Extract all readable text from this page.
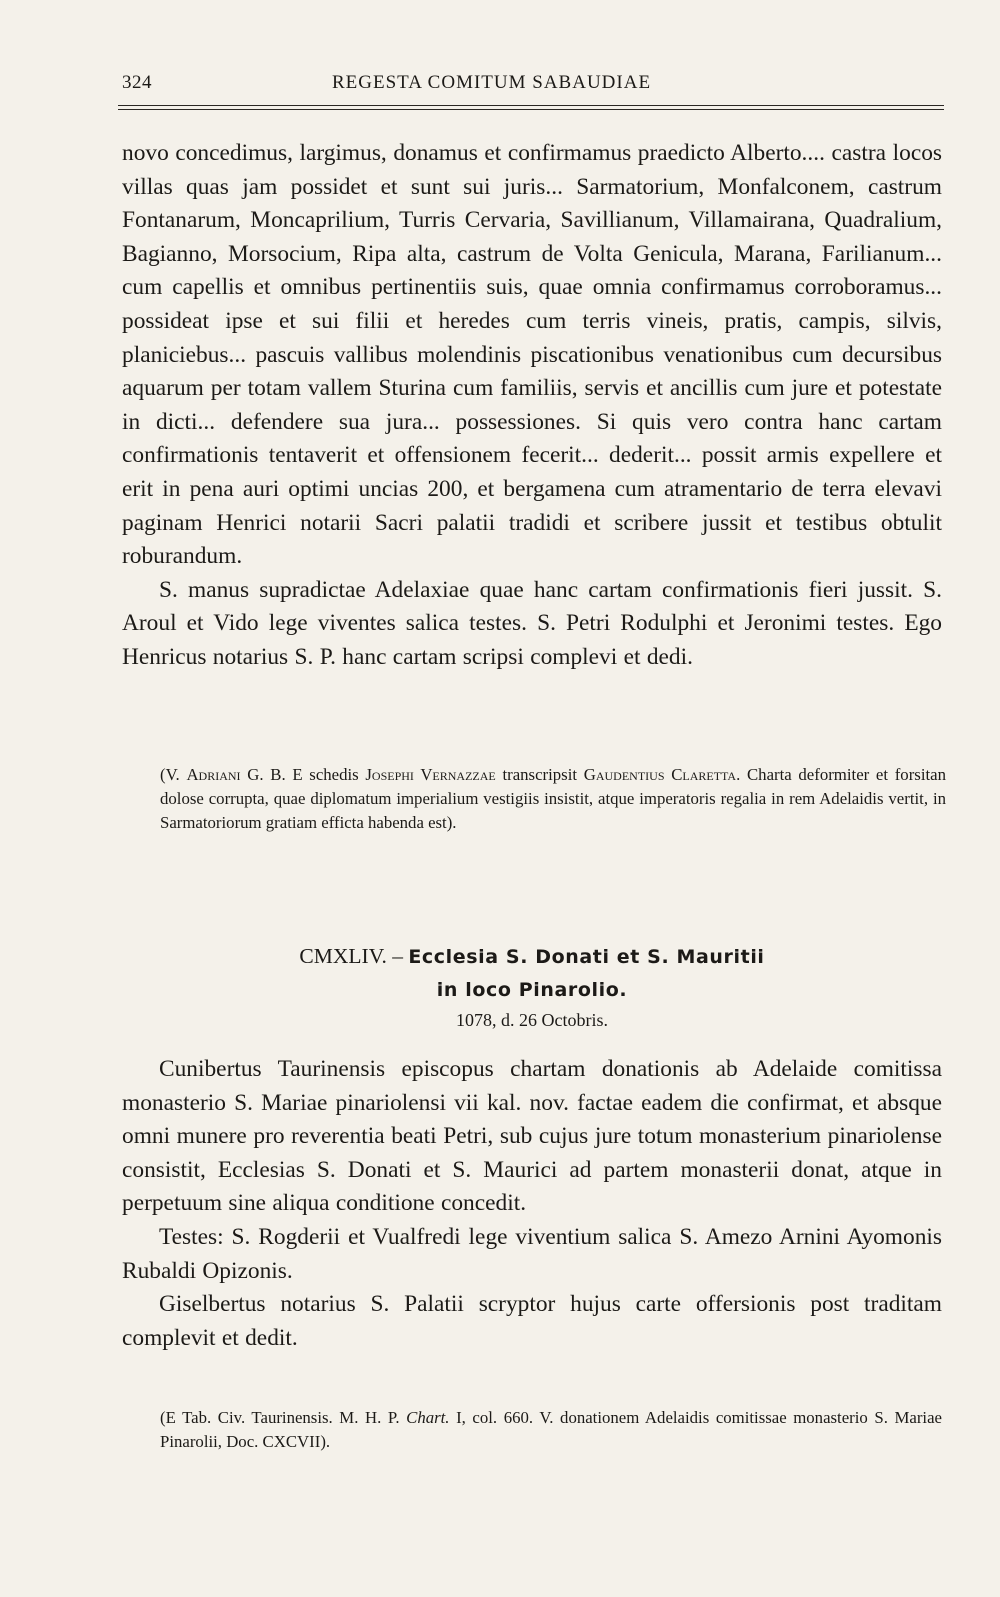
324	REGESTA COMITUM SABAUDIAE

novo concedimus, largimus, donamus et confirmamus praedicto Alberto.... castra locos villas quas jam possidet et sunt sui juris... Sarmatorium, Monfalconem, castrum Fontanarum, Moncaprilium, Turris Cervaria, Savillianum, Villamairana, Quadralium, Bagianno, Morsocium, Ripa alta, castrum de Volta Genicula, Marana, Farilianum... cum capellis et omnibus pertinentiis suis, quae omnia confirmamus corroboramus... possideat ipse et sui filii et heredes cum terris vineis, pratis, campis, silvis, planiciebus... pascuis vallibus molendinis piscationibus venationibus cum decursibus aquarum per totam vallem Sturina cum familiis, servis et ancillis cum jure et potestate in dicti... defendere sua jura... possessiones. Si quis vero contra hanc cartam confirmationis tentaverit et offensionem fecerit... dederit... possit armis expellere et erit in pena auri optimi uncias 200, et bergamena cum atramentario de terra elevavi paginam Henrici notarii Sacri palatii tradidi et scribere jussit et testibus obtulit roburandum.

S. manus supradictae Adelaxiae quae hanc cartam confirmationis fieri jussit. S. Aroul et Vido lege viventes salica testes. S. Petri Rodulphi et Jeronimi testes. Ego Henricus notarius S. P. hanc cartam scripsi complevi et dedi.

(V. Adriani G. B. E schedis Josephi Vernazzae transcripsit Gaudentius Claretta. Charta deformiter et forsitan dolose corrupta, quae diplomatum imperialium vestigiis insistit, atque imperatoris regalia in rem Adelaidis vertit, in Sarmatoriorum gratiam efficta habenda est).

CMXLIV. – Ecclesia S. Donati et S. Mauritii
in loco Pinarolio.
1078, d. 26 Octobris.

Cunibertus Taurinensis episcopus chartam donationis ab Adelaide comitissa monasterio S. Mariae pinariolensi vii kal. nov. factae eadem die confirmat, et absque omni munere pro reverentia beati Petri, sub cujus jure totum monasterium pinariolense consistit, Ecclesias S. Donati et S. Maurici ad partem monasterii donat, atque in perpetuum sine aliqua conditione concedit.

Testes: S. Rogderii et Vualfredi lege viventium salica S. Amezo Arnini Ayomonis Rubaldi Opizonis.

Giselbertus notarius S. Palatii scryptor hujus carte offersionis post traditam complevit et dedit.

(E Tab. Civ. Taurinensis. M. H. P. Chart. I, col. 660. V. donationem Adelaidis comitissae monasterio S. Mariae Pinarolii, Doc. CXCVII).
